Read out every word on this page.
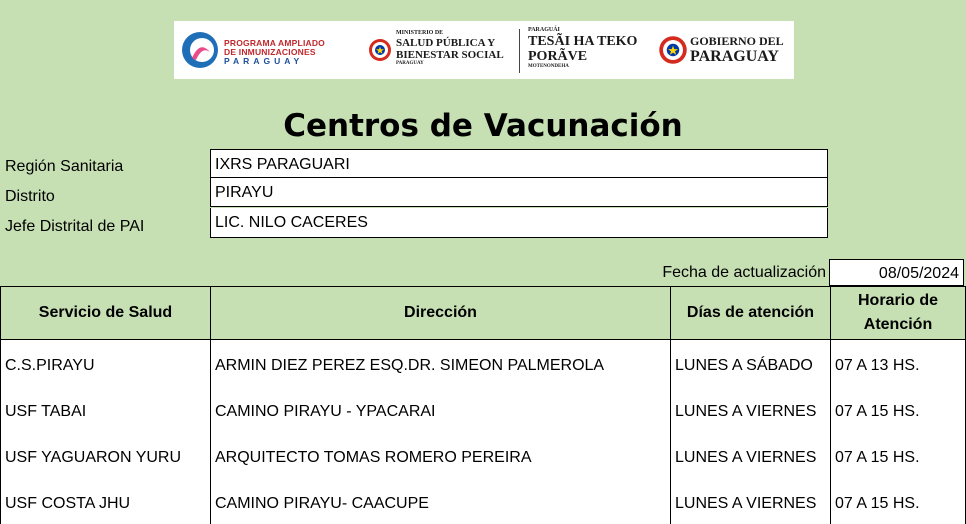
PROGRAMA AMPLIADO
DE INMUNIZACIONES
PARAGUAY
MINISTERIO DE
SALUD PÚBLICA Y
BIENESTAR SOCIAL
PARAGUAY
PARAGUÁI
TESÃI HA TEKO
PORÃVE
MOTENONDEHA
GOBIERNO DEL
PARAGUAY
Centros de Vacunación
Región Sanitaria	IXRS PARAGUARI
Distrito	PIRAYU
Jefe Distrital de PAI	LIC. NILO CACERES
Fecha de actualización	08/05/2024
Servicio de Salud	Dirección	Días de atención	Horario de Atención
C.S.PIRAYU	ARMIN DIEZ PEREZ ESQ.DR. SIMEON PALMEROLA	LUNES A SÁBADO	07 A 13 HS.
USF TABAI	CAMINO PIRAYU - YPACARAI	LUNES A VIERNES	07 A 15 HS.
USF YAGUARON YURU	ARQUITECTO TOMAS ROMERO PEREIRA	LUNES A VIERNES	07 A 15 HS.
USF COSTA JHU	CAMINO PIRAYU- CAACUPE	LUNES A VIERNES	07 A 15 HS.
